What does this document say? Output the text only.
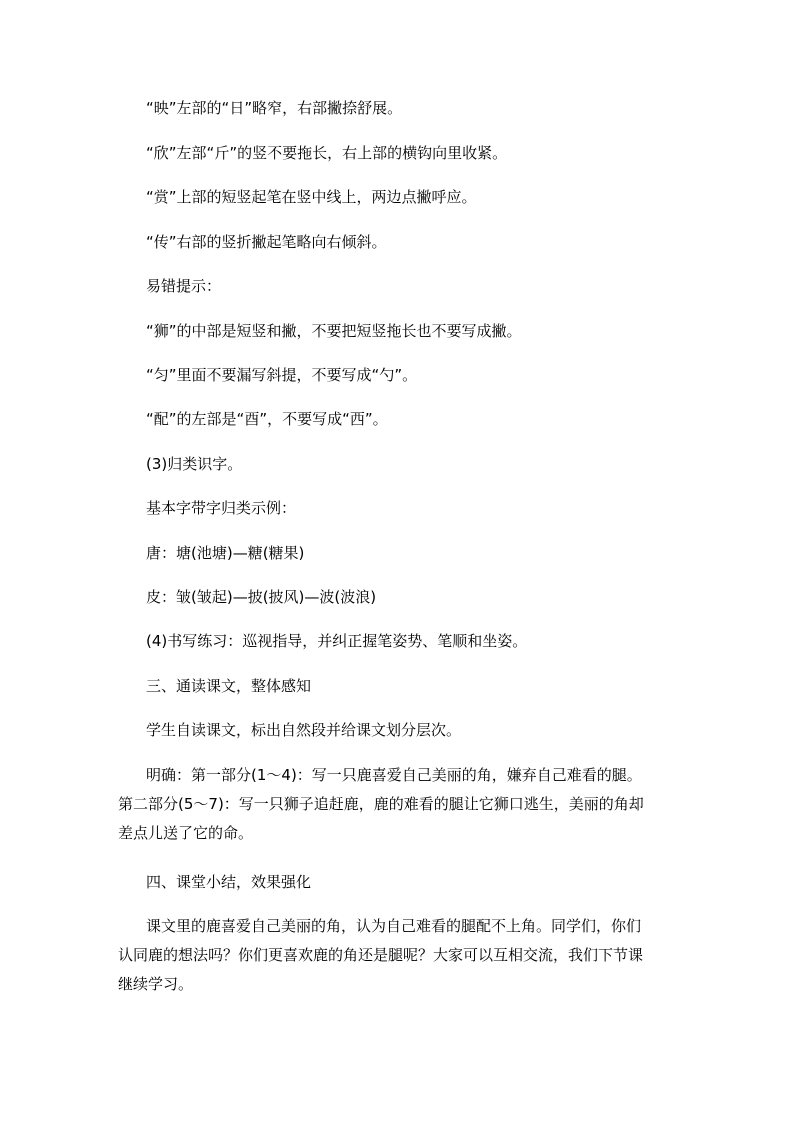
“映”左部的“日”略窄，右部撇捺舒展。

“欣”左部“斤”的竖不要拖长，右上部的横钩向里收紧。

“赏”上部的短竖起笔在竖中线上，两边点撇呼应。

“传”右部的竖折撇起笔略向右倾斜。

易错提示：

“狮”的中部是短竖和撇，不要把短竖拖长也不要写成撇。

“匀”里面不要漏写斜提，不要写成“勺”。

“配”的左部是“酉”，不要写成“西”。

(3)归类识字。

基本字带字归类示例：

唐：塘(池塘)—糖(糖果)

皮：皱(皱起)—披(披风)—波(波浪)

(4)书写练习：巡视指导，并纠正握笔姿势、笔顺和坐姿。

三、通读课文，整体感知

学生自读课文，标出自然段并给课文划分层次。

明确：第一部分(1～4)：写一只鹿喜爱自己美丽的角，嫌弃自己难看的腿。
第二部分(5～7)：写一只狮子追赶鹿，鹿的难看的腿让它狮口逃生，美丽的角却
差点儿送了它的命。

四、课堂小结，效果强化

课文里的鹿喜爱自己美丽的角，认为自己难看的腿配不上角。同学们，你们
认同鹿的想法吗？你们更喜欢鹿的角还是腿呢？大家可以互相交流，我们下节课
继续学习。
